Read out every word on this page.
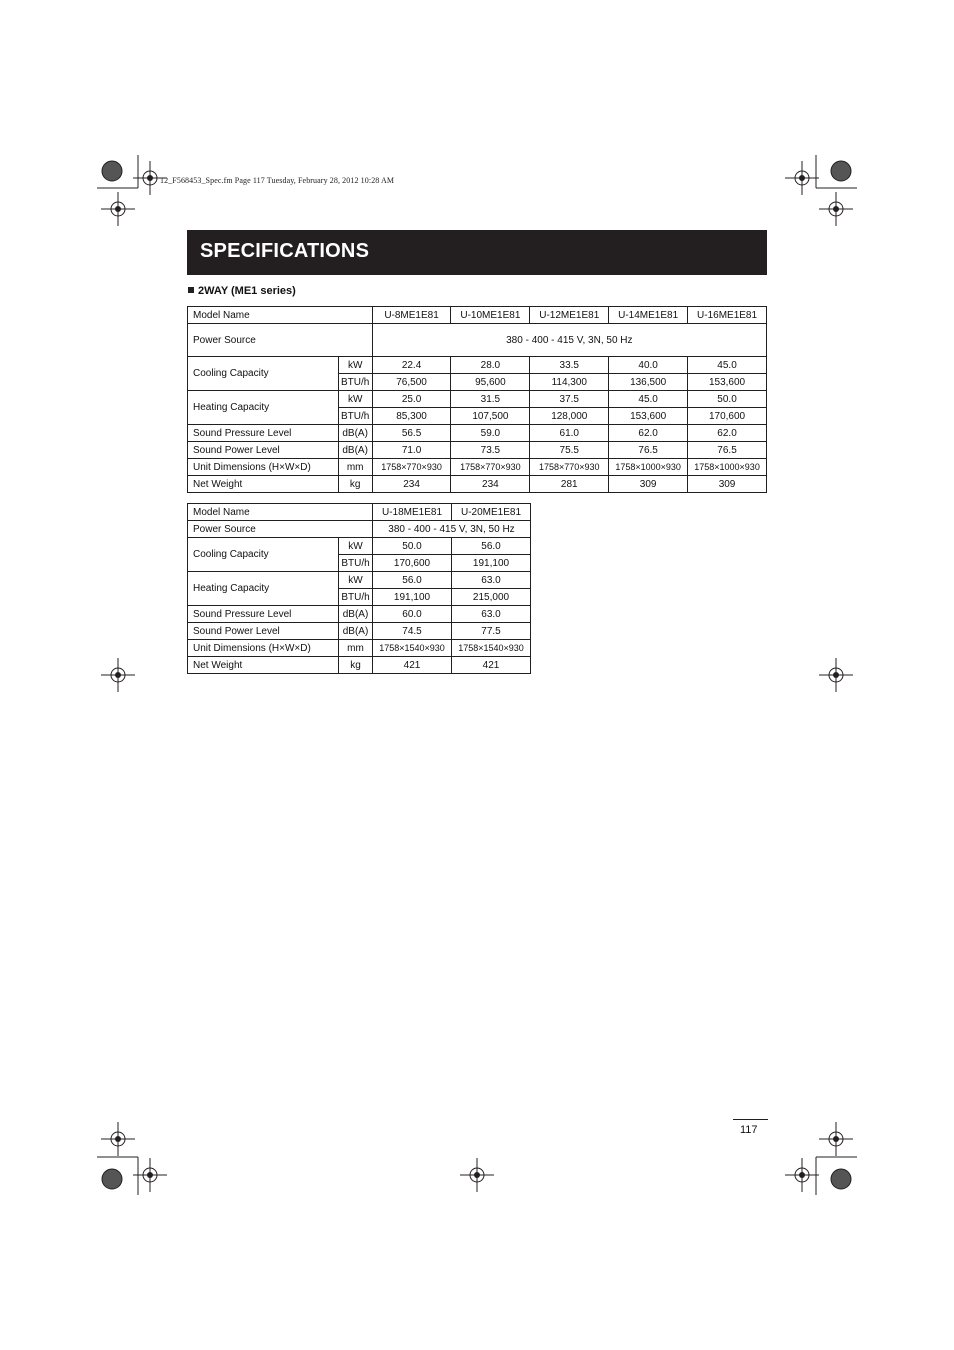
12_F568453_Spec.fm Page 117 Tuesday, February 28, 2012 10:28 AM
SPECIFICATIONS
2WAY (ME1 series)
Model Name		U-8ME1E81	U-10ME1E81	U-12ME1E81	U-14ME1E81	U-16ME1E81
Power Source		380 - 400 - 415 V, 3N, 50 Hz				
Cooling Capacity	kW	22.4	28.0	33.5	40.0	45.0
	BTU/h	76,500	95,600	114,300	136,500	153,600
Heating Capacity	kW	25.0	31.5	37.5	45.0	50.0
	BTU/h	85,300	107,500	128,000	153,600	170,600
Sound Pressure Level	dB(A)	56.5	59.0	61.0	62.0	62.0
Sound Power Level	dB(A)	71.0	73.5	75.5	76.5	76.5
Unit Dimensions (H×W×D)	mm	1758×770×930	1758×770×930	1758×770×930	1758×1000×930	1758×1000×930
Net Weight	kg	234	234	281	309	309
Model Name		U-18ME1E81	U-20ME1E81
Power Source		380 - 400 - 415 V, 3N, 50 Hz	
Cooling Capacity	kW	50.0	56.0
	BTU/h	170,600	191,100
Heating Capacity	kW	56.0	63.0
	BTU/h	191,100	215,000
Sound Pressure Level	dB(A)	60.0	63.0
Sound Power Level	dB(A)	74.5	77.5
Unit Dimensions (H×W×D)	mm	1758×1540×930	1758×1540×930
Net Weight	kg	421	421
117
